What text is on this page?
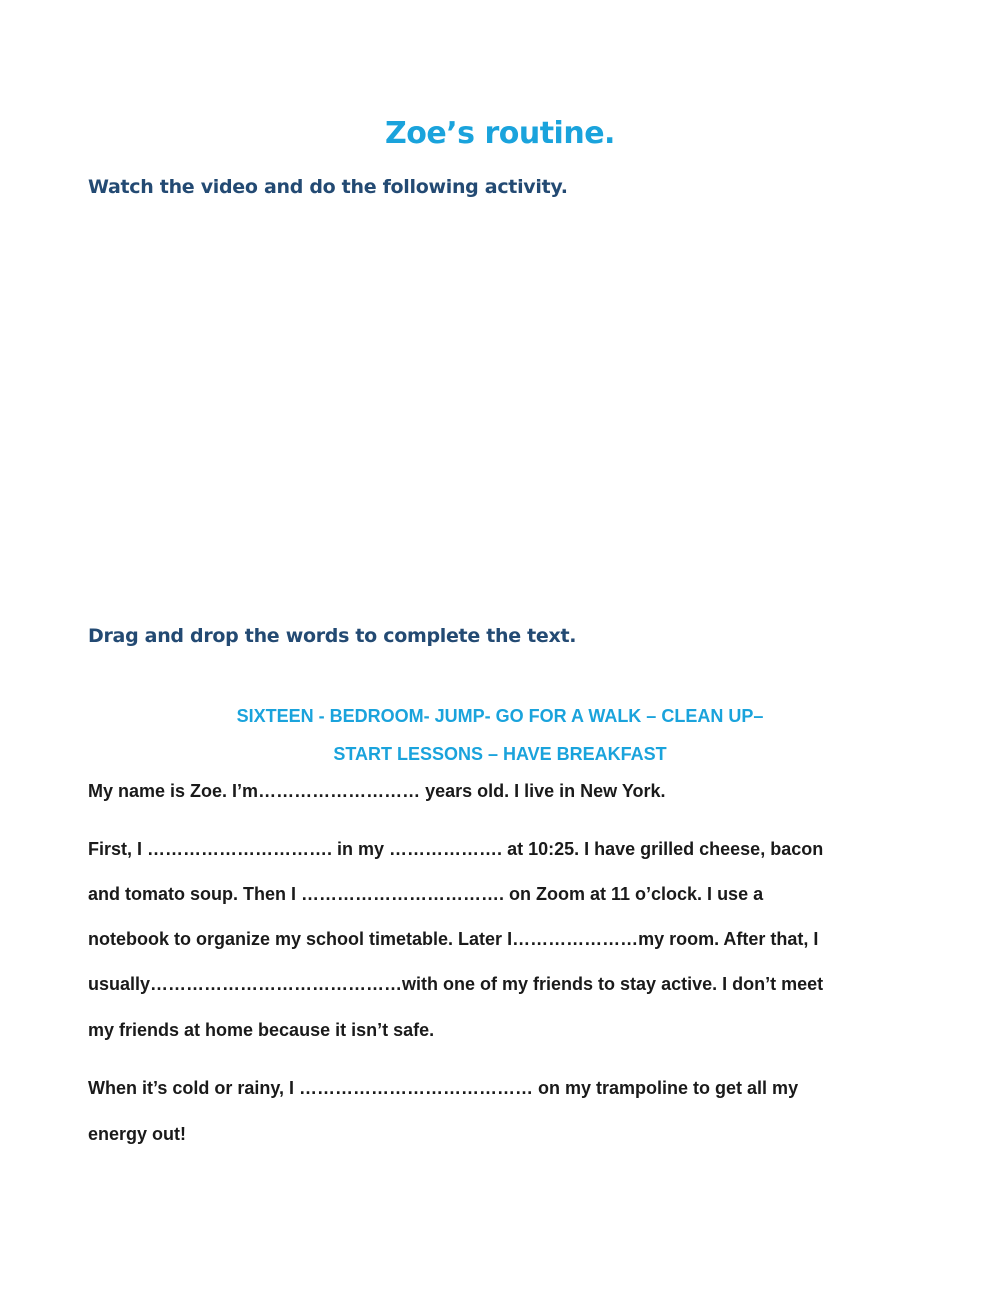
Zoe’s routine.

Watch the video and do the following activity.

Drag and drop the words to complete the text.

SIXTEEN - BEDROOM- JUMP- GO FOR A WALK – CLEAN UP–

START LESSONS – HAVE BREAKFAST

My name is Zoe. I’m……………………… years old. I live in New York.

First, I …………………………. in my ………………. at 10:25. I have grilled cheese, bacon

and tomato soup. Then I ……………………………. on Zoom at 11 o’clock. I use a

notebook to organize my school timetable. Later I…………………my room. After that, I

usually……………………………………with one of my friends to stay active. I don’t meet

my friends at home because it isn’t safe.

When it’s cold or rainy, I ………………………………… on my trampoline to get all my

energy out!
